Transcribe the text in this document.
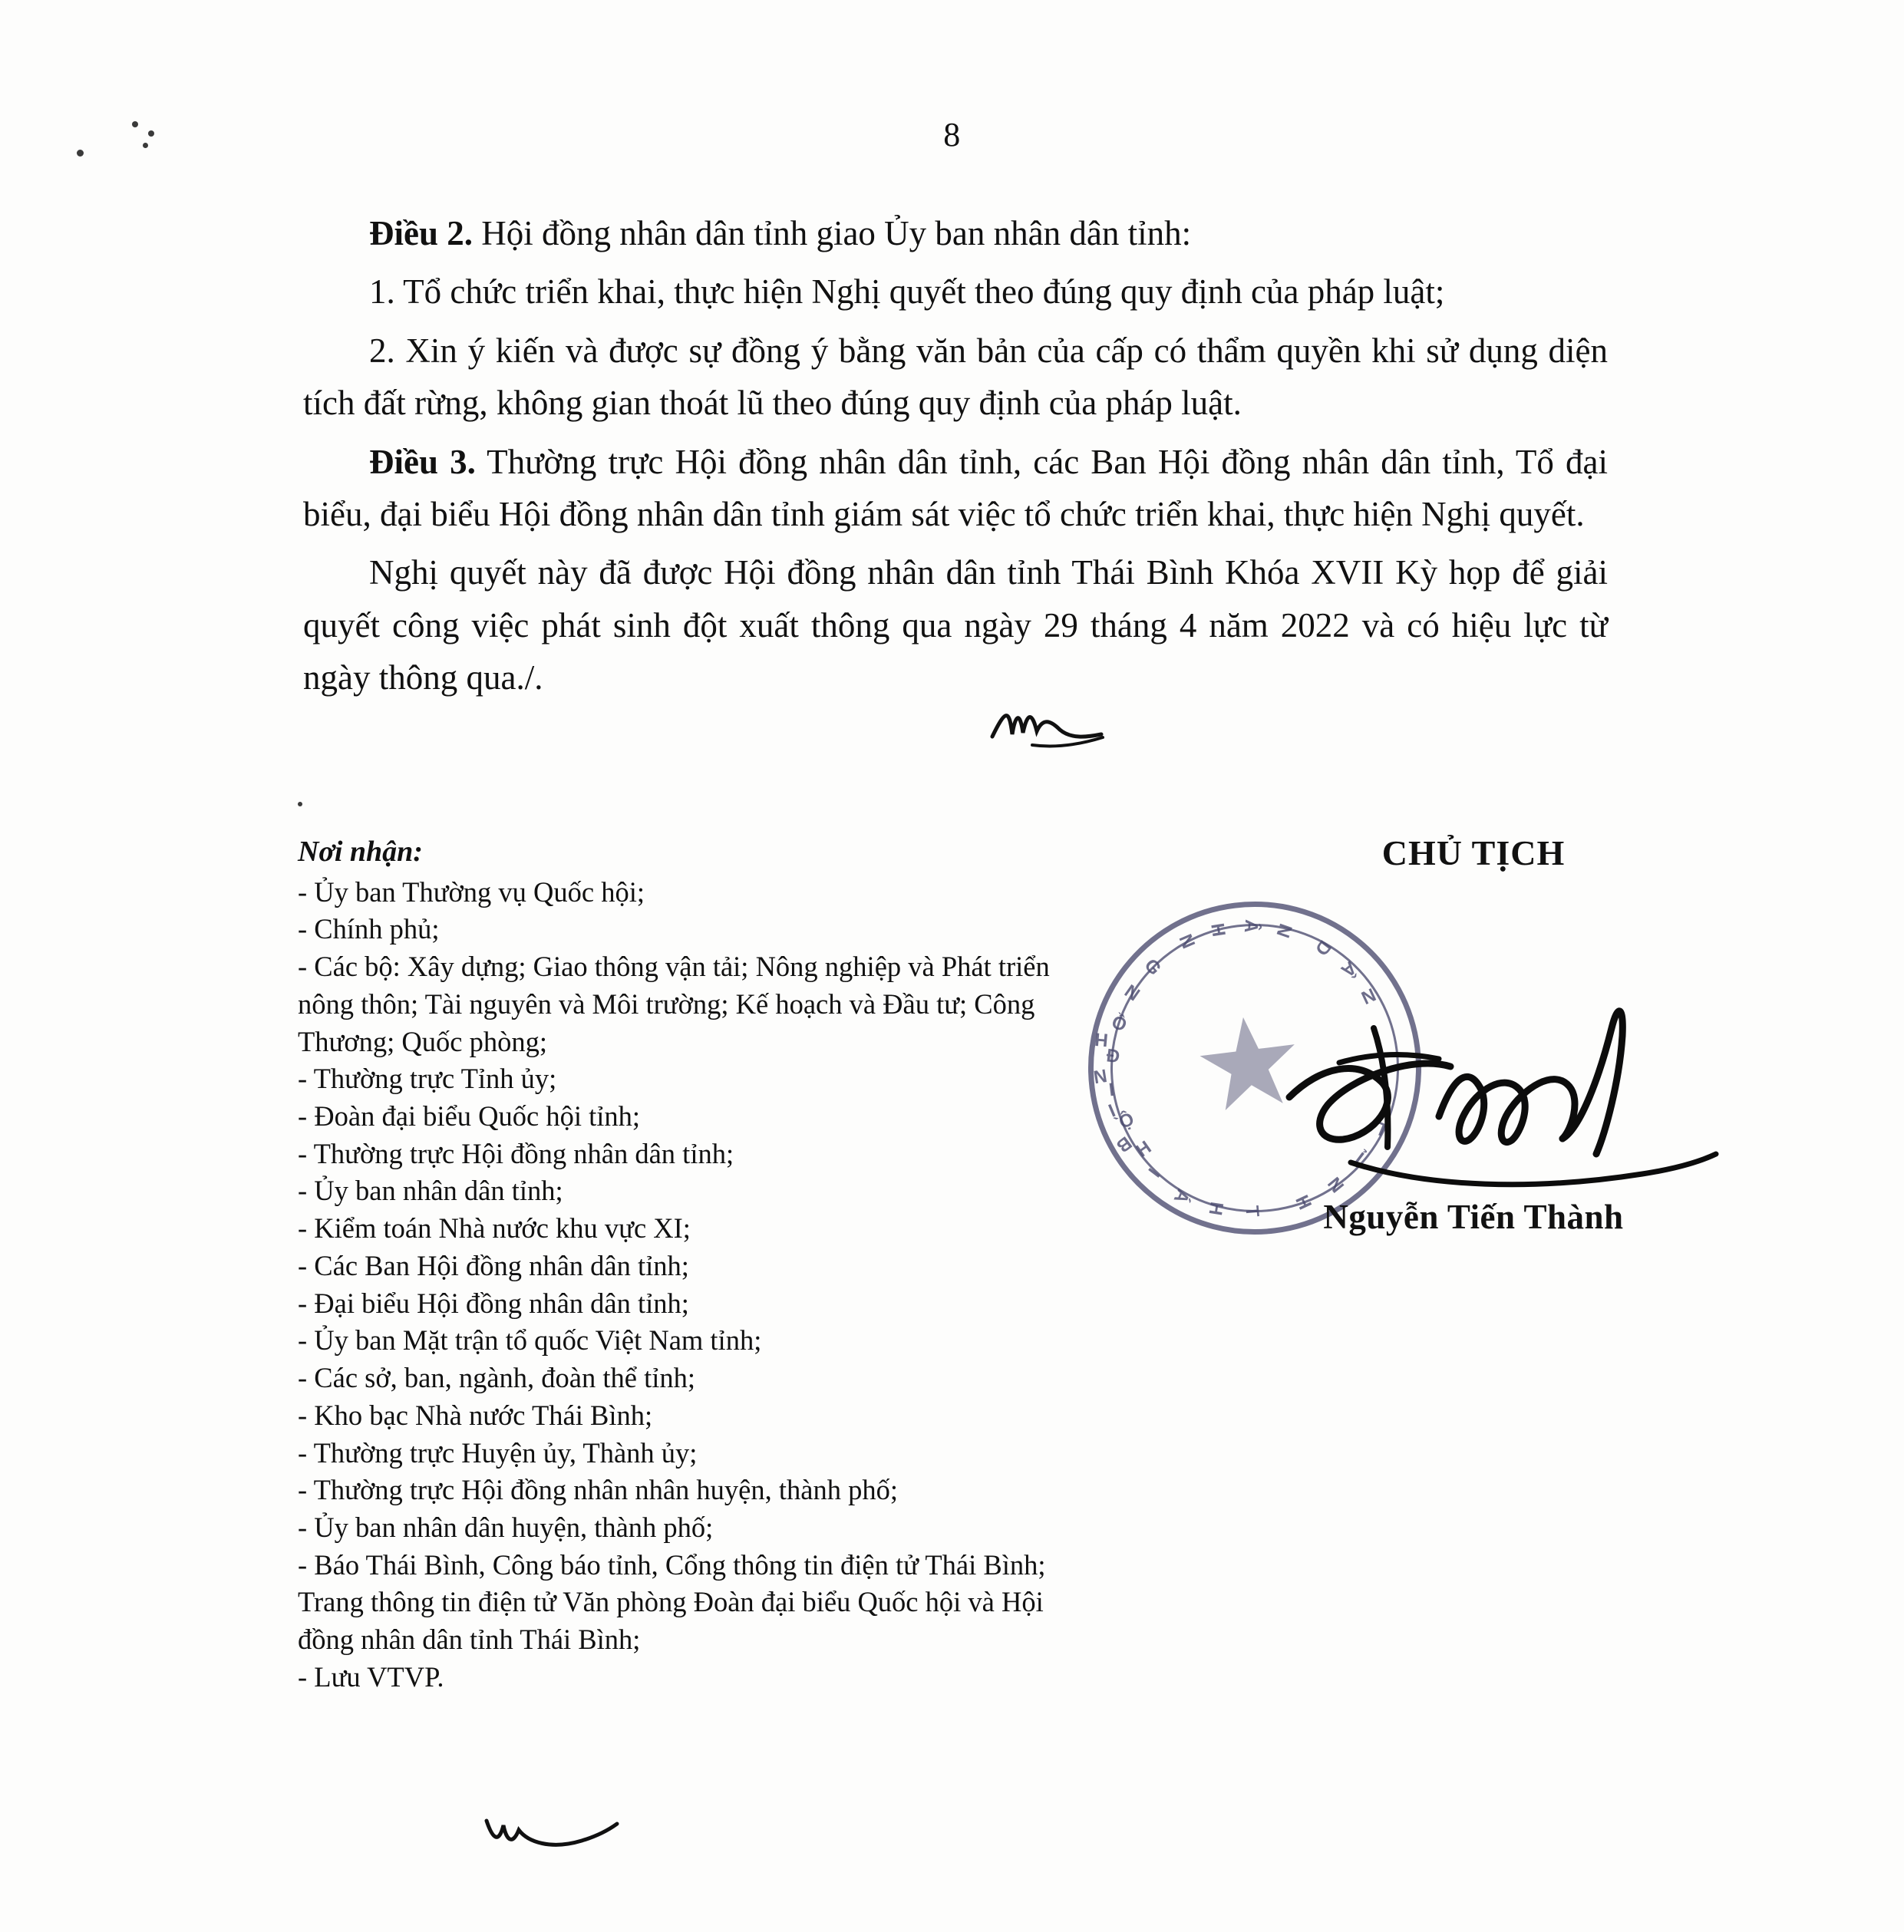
8

Điều 2. Hội đồng nhân dân tỉnh giao Ủy ban nhân dân tỉnh:

1. Tổ chức triển khai, thực hiện Nghị quyết theo đúng quy định của pháp luật;

2. Xin ý kiến và được sự đồng ý bằng văn bản của cấp có thẩm quyền khi sử dụng diện tích đất rừng, không gian thoát lũ theo đúng quy định của pháp luật.

Điều 3. Thường trực Hội đồng nhân dân tỉnh, các Ban Hội đồng nhân dân tỉnh, Tổ đại biểu, đại biểu Hội đồng nhân dân tỉnh giám sát việc tổ chức triển khai, thực hiện Nghị quyết.

Nghị quyết này đã được Hội đồng nhân dân tỉnh Thái Bình Khóa XVII Kỳ họp để giải quyết công việc phát sinh đột xuất thông qua ngày 29 tháng 4 năm 2022 và có hiệu lực từ ngày thông qua./.

Nơi nhận:
- Ủy ban Thường vụ Quốc hội;
- Chính phủ;
- Các bộ: Xây dựng; Giao thông vận tải; Nông nghiệp và Phát triển nông thôn; Tài nguyên và Môi trường; Kế hoạch và Đầu tư; Công Thương; Quốc phòng;
- Thường trực Tỉnh ủy;
- Đoàn đại biểu Quốc hội tỉnh;
- Thường trực Hội đồng nhân dân tỉnh;
- Ủy ban nhân dân tỉnh;
- Kiểm toán Nhà nước khu vực XI;
- Các Ban Hội đồng nhân dân tỉnh;
- Đại biểu Hội đồng nhân dân tỉnh;
- Ủy ban Mặt trận tổ quốc Việt Nam tỉnh;
- Các sở, ban, ngành, đoàn thể tỉnh;
- Kho bạc Nhà nước Thái Bình;
- Thường trực Huyện ủy, Thành ủy;
- Thường trực Hội đồng nhân nhân huyện, thành phố;
- Ủy ban nhân dân huyện, thành phố;
- Báo Thái Bình, Công báo tỉnh, Cổng thông tin điện tử Thái Bình; Trang thông tin điện tử Văn phòng Đoàn đại biểu Quốc hội và Hội đồng nhân dân tỉnh Thái Bình;
- Lưu VTVP.
CHỦ TỊCH
H
Ộ
I
Đ
Ồ
N
G
N
H Â N
D
Â
N
T
Ỉ
N
H
T
H
Á
I
B
Ì
N
H
Nguyễn Tiến Thành
